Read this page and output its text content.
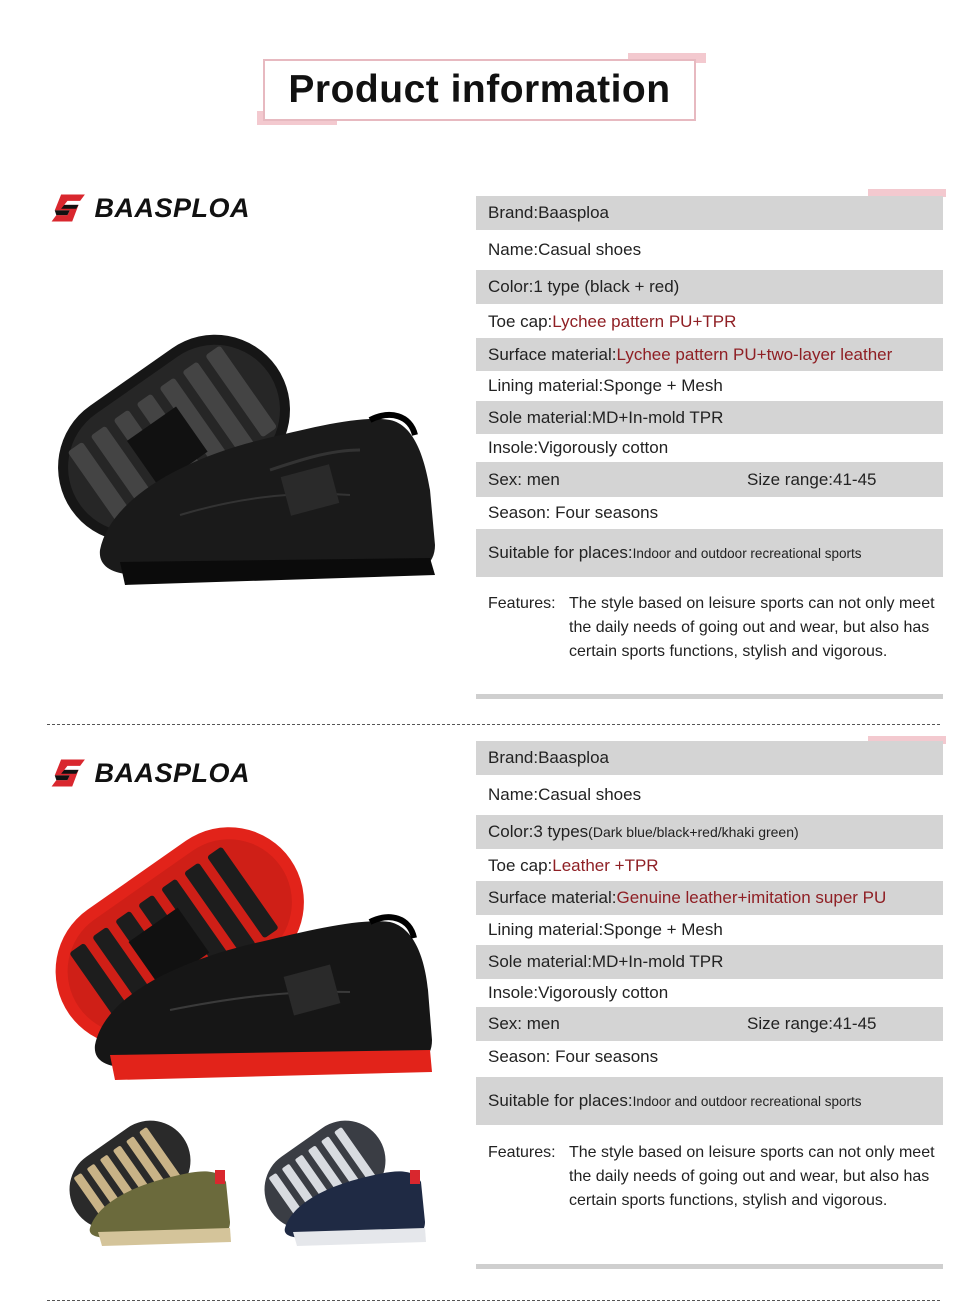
Product information
BAASPLOA	Brand:Baasploa
Name:Casual shoes
Color:1 type (black + red)
Toe cap: Lychee pattern PU+TPR
Surface material: Lychee pattern PU+two-layer leather
Lining material:Sponge + Mesh
Sole material:MD+In-mold TPR
Insole:Vigorously cotton
Sex: men	Size range:41-45
Season: Four seasons
Suitable for places: Indoor and outdoor recreational sports
Features: The style based on leisure sports can not only meet the daily needs of going out and wear, but also has certain sports functions, stylish and vigorous.
BAASPLOA	Brand:Baasploa
Name:Casual shoes
Color:3 types (Dark blue/black+red/khaki green)
Toe cap: Leather +TPR
Surface material: Genuine leather+imitation super PU
Lining material:Sponge + Mesh
Sole material:MD+In-mold TPR
Insole:Vigorously cotton
Sex: men	Size range:41-45
Season: Four seasons
Suitable for places: Indoor and outdoor recreational sports
Features: The style based on leisure sports can not only meet the daily needs of going out and wear, but also has certain sports functions, stylish and vigorous.
